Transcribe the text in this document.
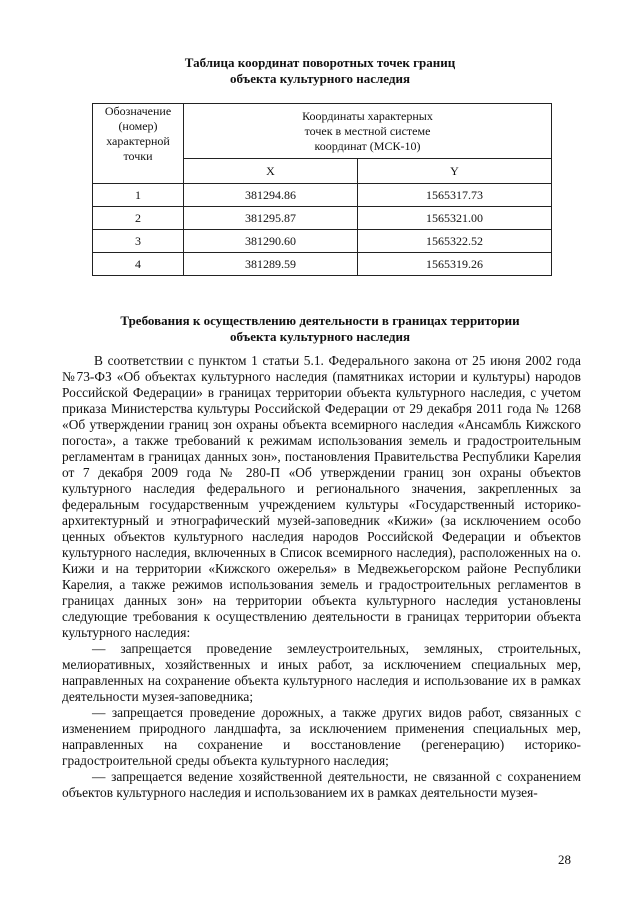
Таблица координат поворотных точек границ
объекта культурного наследия
Обозначение
(номер)
характерной
точки	Координаты характерных
точек в местной системе
координат (МСК-10)	
	X	Y
1	381294.86	1565317.73
2	381295.87	1565321.00
3	381290.60	1565322.52
4	381289.59	1565319.26
Требования к осуществлению деятельности в границах территории
объекта культурного наследия

В соответствии с пунктом 1 статьи 5.1. Федерального закона от 25 июня 2002 года №73-ФЗ «Об объектах культурного наследия (памятниках истории и культуры) народов Российской Федерации» в границах территории объекта культурного наследия, с учетом приказа Министерства культуры Российской Федерации от 29 декабря 2011 года № 1268 «Об утверждении границ зон охраны объекта всемирного наследия «Ансамбль Кижского погоста», а также требований к режимам использования земель и градостроительным регламентам в границах данных зон», постановления Правительства Республики Карелия от 7 декабря 2009 года № 280-П «Об утверждении границ зон охраны объектов культурного наследия федерального и регионального значения, закрепленных за федеральным государственным учреждением культуры «Государственный историко-архитектурный и этнографический музей-заповедник «Кижи» (за исключением особо ценных объектов культурного наследия народов Российской Федерации и объектов культурного наследия, включенных в Список всемирного наследия), расположенных на о. Кижи и на территории «Кижского ожерелья» в Медвежьегорском районе Республики Карелия, а также режимов использования земель и градостроительных регламентов в границах данных зон» на территории объекта культурного наследия установлены следующие требования к осуществлению деятельности в границах территории объекта культурного наследия:

— запрещается проведение землеустроительных, земляных, строительных, мелиоративных, хозяйственных и иных работ, за исключением специальных мер, направленных на сохранение объекта культурного наследия и использование их в рамках деятельности музея-заповедника;

— запрещается проведение дорожных, а также других видов работ, связанных с изменением природного ландшафта, за исключением применения специальных мер, направленных на сохранение и восстановление (регенерацию) историко-градостроительной среды объекта культурного наследия;

— запрещается ведение хозяйственной деятельности, не связанной с сохранением объектов культурного наследия и использованием их в рамках деятельности музея-

28
